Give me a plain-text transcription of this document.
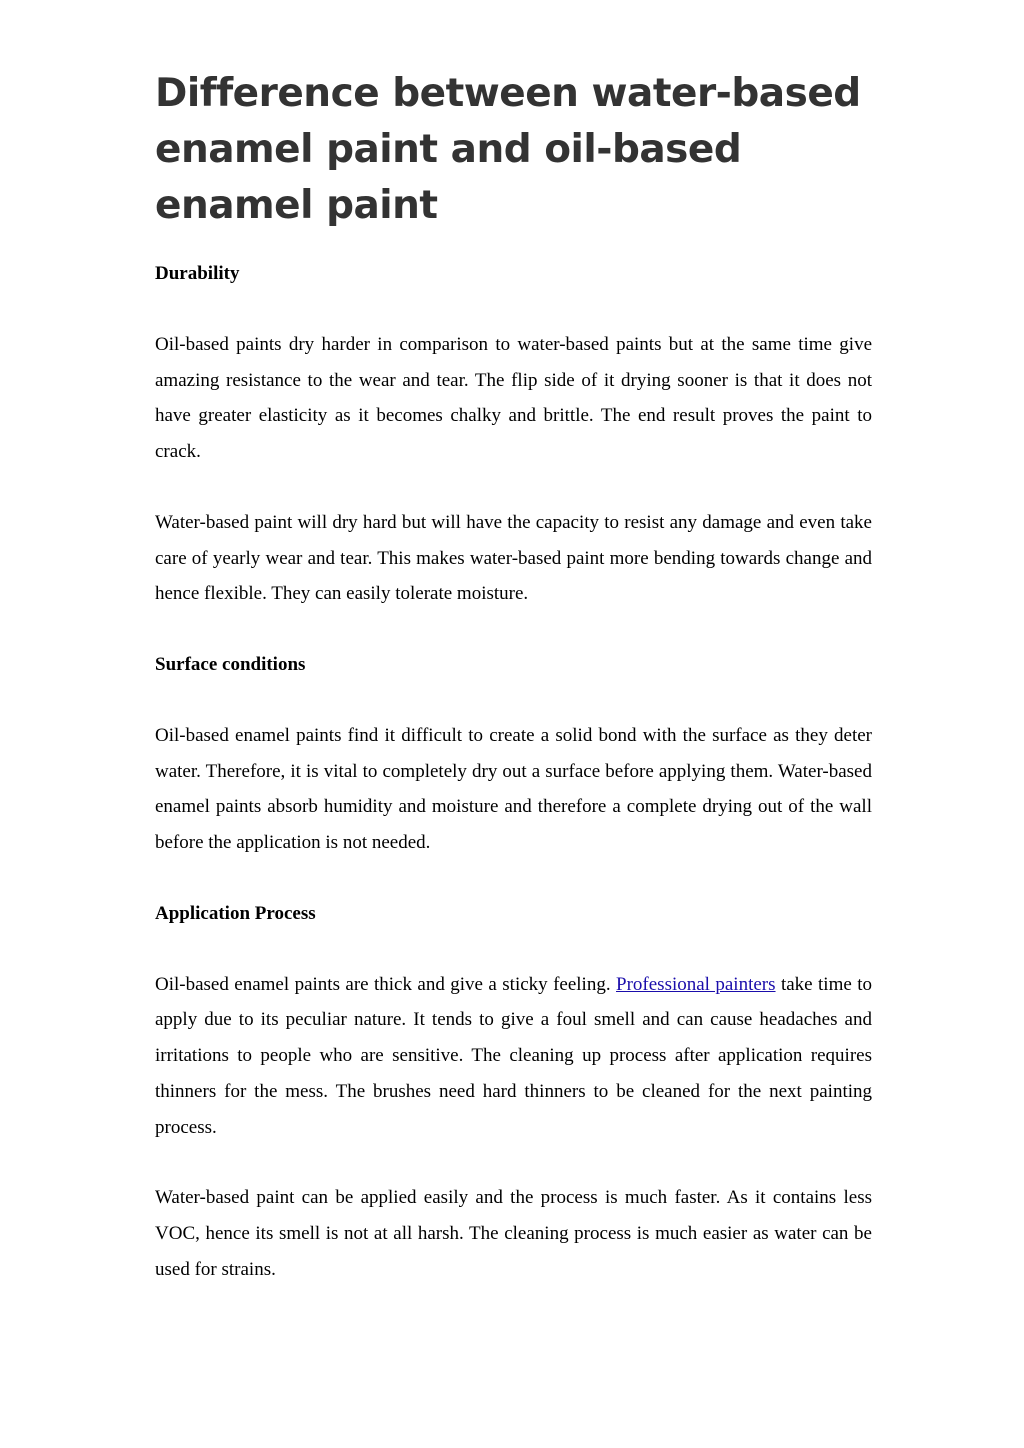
Difference between water-based enamel paint and oil-based enamel paint
Durability

Oil-based paints dry harder in comparison to water-based paints but at the same time give amazing resistance to the wear and tear. The flip side of it drying sooner is that it does not have greater elasticity as it becomes chalky and brittle. The end result proves the paint to crack.

Water-based paint will dry hard but will have the capacity to resist any damage and even take care of yearly wear and tear. This makes water-based paint more bending towards change and hence flexible. They can easily tolerate moisture.

Surface conditions

Oil-based enamel paints find it difficult to create a solid bond with the surface as they deter water. Therefore, it is vital to completely dry out a surface before applying them. Water-based enamel paints absorb humidity and moisture and therefore a complete drying out of the wall before the application is not needed.

Application Process

Oil-based enamel paints are thick and give a sticky feeling. Professional painters take time to apply due to its peculiar nature. It tends to give a foul smell and can cause headaches and irritations to people who are sensitive. The cleaning up process after application requires thinners for the mess. The brushes need hard thinners to be cleaned for the next painting process.

Water-based paint can be applied easily and the process is much faster. As it contains less VOC, hence its smell is not at all harsh. The cleaning process is much easier as water can be used for strains.
